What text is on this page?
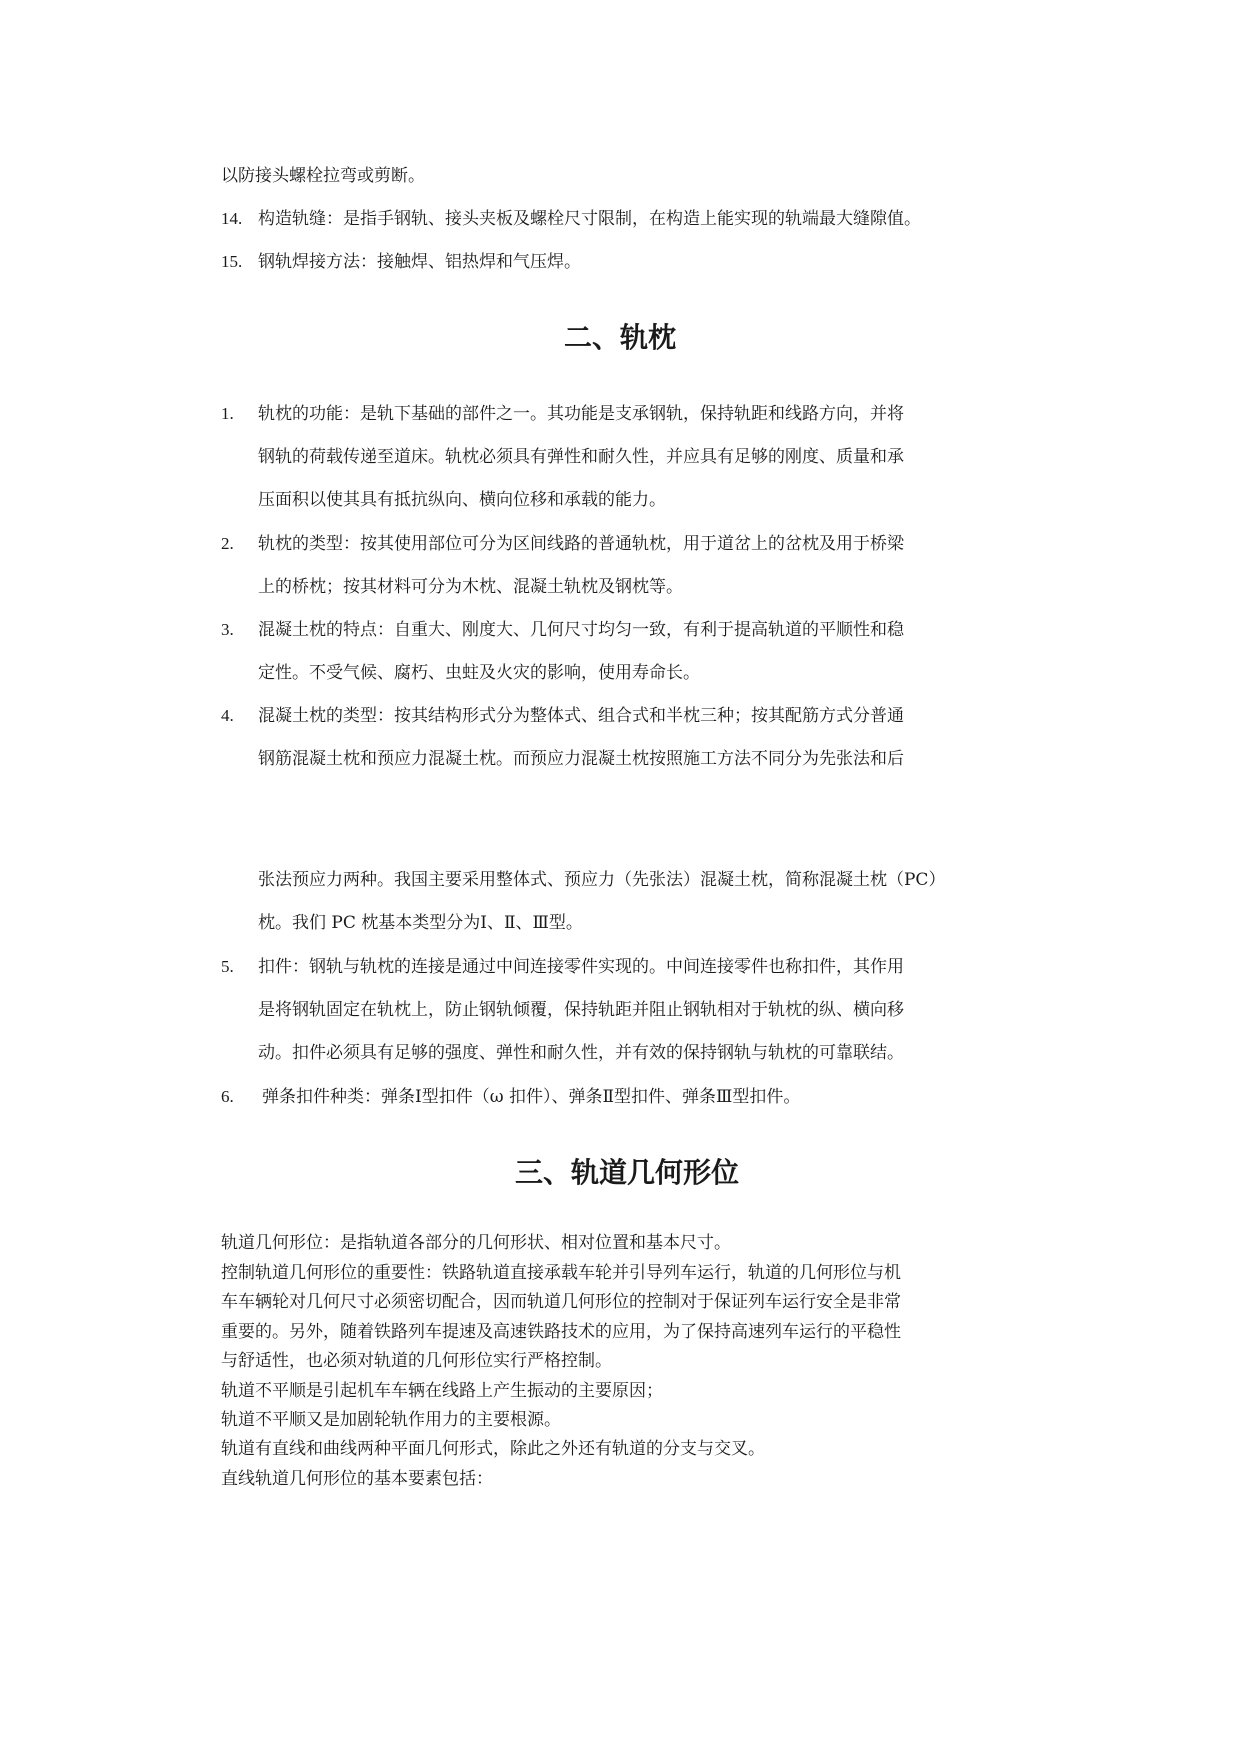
以防接头螺栓拉弯或剪断。
14. 构造轨缝：是指手钢轨、接头夹板及螺栓尺寸限制，在构造上能实现的轨端最大缝隙值。
15. 钢轨焊接方法：接触焊、铝热焊和气压焊。
二、轨枕
1. 轨枕的功能：是轨下基础的部件之一。其功能是支承钢轨，保持轨距和线路方向，并将
钢轨的荷载传递至道床。轨枕必须具有弹性和耐久性，并应具有足够的刚度、质量和承
压面积以使其具有抵抗纵向、横向位移和承载的能力。
2. 轨枕的类型：按其使用部位可分为区间线路的普通轨枕，用于道岔上的岔枕及用于桥梁
上的桥枕；按其材料可分为木枕、混凝土轨枕及钢枕等。
3. 混凝土枕的特点：自重大、刚度大、几何尺寸均匀一致，有利于提高轨道的平顺性和稳
定性。不受气候、腐朽、虫蛀及火灾的影响，使用寿命长。
4. 混凝土枕的类型：按其结构形式分为整体式、组合式和半枕三种；按其配筋方式分普通
钢筋混凝土枕和预应力混凝土枕。而预应力混凝土枕按照施工方法不同分为先张法和后
张法预应力两种。我国主要采用整体式、预应力（先张法）混凝土枕，简称混凝土枕（PC）
枕。我们 PC 枕基本类型分为Ⅰ、Ⅱ、Ⅲ型。
5. 扣件：钢轨与轨枕的连接是通过中间连接零件实现的。中间连接零件也称扣件，其作用
是将钢轨固定在轨枕上，防止钢轨倾覆，保持轨距并阻止钢轨相对于轨枕的纵、横向移
动。扣件必须具有足够的强度、弹性和耐久性，并有效的保持钢轨与轨枕的可靠联结。
6. 弹条扣件种类：弹条Ⅰ型扣件（ω 扣件）、弹条Ⅱ型扣件、弹条Ⅲ型扣件。
三、轨道几何形位
轨道几何形位：是指轨道各部分的几何形状、相对位置和基本尺寸。
控制轨道几何形位的重要性：铁路轨道直接承载车轮并引导列车运行，轨道的几何形位与机
车车辆轮对几何尺寸必须密切配合，因而轨道几何形位的控制对于保证列车运行安全是非常
重要的。另外，随着铁路列车提速及高速铁路技术的应用，为了保持高速列车运行的平稳性
与舒适性，也必须对轨道的几何形位实行严格控制。
轨道不平顺是引起机车车辆在线路上产生振动的主要原因；
轨道不平顺又是加剧轮轨作用力的主要根源。
轨道有直线和曲线两种平面几何形式，除此之外还有轨道的分支与交叉。
直线轨道几何形位的基本要素包括：
